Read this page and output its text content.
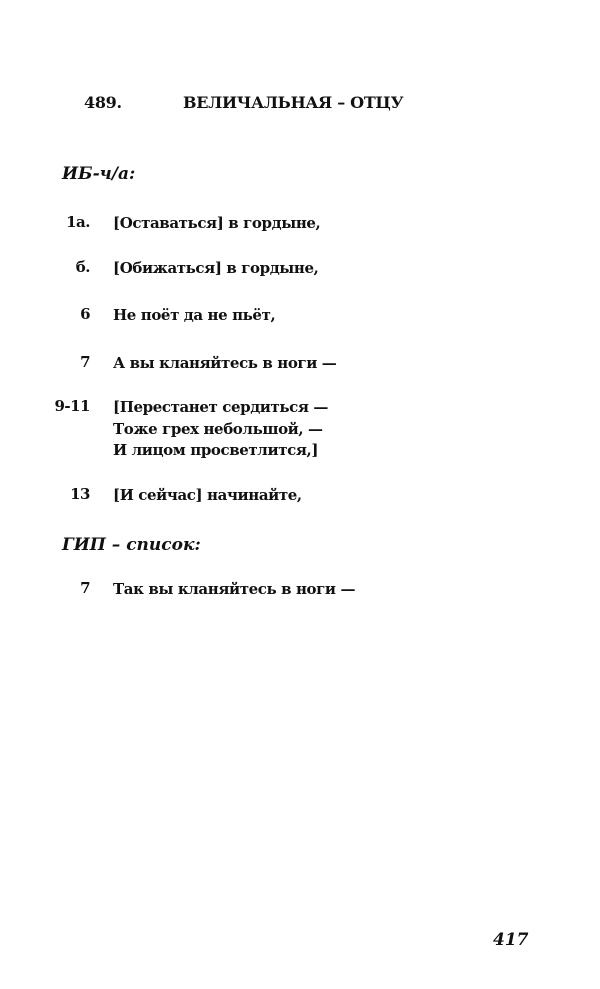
489.	ВЕЛИЧАЛЬНАЯ – ОТЦУ
ИБ-ч/а:
1а. [Оставаться] в гордыне,
б. [Обижаться] в гордыне,
6 Не поёт да не пьёт,
7 А вы кланяйтесь в ноги —
9-11 [Перестанет сердиться —
Тоже грех небольшой, —
И лицом просветлится,]
13 [И сейчас] начинайте,
ГИП – список:
7 Так вы кланяйтесь в ноги —
417
